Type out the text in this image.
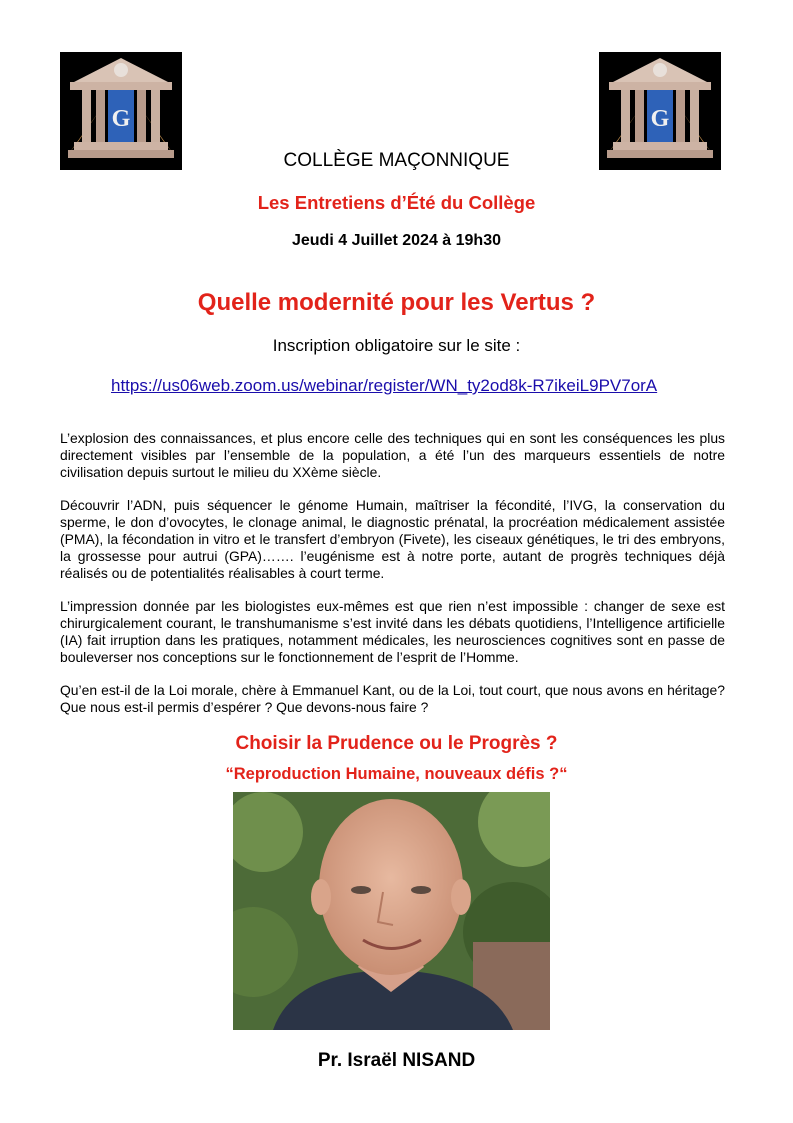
G	G
COLLÈGE MAÇONNIQUE
Les Entretiens d’Été du Collège
Jeudi 4 Juillet 2024 à 19h30
Quelle modernité pour les Vertus ?
Inscription obligatoire sur le site :
https://us06web.zoom.us/webinar/register/WN_ty2od8k-R7ikeiL9PV7orA
L’explosion des connaissances, et plus encore celle des techniques qui en sont les conséquences les plus directement visibles par l’ensemble de la population, a été l’un des marqueurs essentiels de notre civilisation depuis surtout le milieu du XXème siècle.
Découvrir l’ADN, puis séquencer le génome Humain, maîtriser la fécondité, l’IVG, la conservation du sperme, le don d’ovocytes, le clonage animal, le diagnostic prénatal, la procréation médicalement assistée (PMA), la fécondation in vitro et le transfert d’embryon (Fivete), les ciseaux génétiques, le tri des embryons, la grossesse pour autrui (GPA)……. l’eugénisme est à notre porte, autant de progrès techniques déjà réalisés ou de potentialités réalisables à court terme.
L’impression donnée par les biologistes eux-mêmes est que rien n’est impossible : changer de sexe est chirurgicalement courant, le transhumanisme s’est invité dans les débats quotidiens, l’Intelligence artificielle (IA) fait irruption dans les pratiques, notamment médicales, les neurosciences cognitives sont en passe de bouleverser nos conceptions sur le fonctionnement de l’esprit de l’Homme.
Qu’en est-il de la Loi morale, chère à Emmanuel Kant, ou de la Loi, tout court, que nous avons en héritage? Que nous est-il permis d’espérer ? Que devons-nous faire ?
Choisir la Prudence ou le Progrès ?
“Reproduction Humaine, nouveaux défis ?“
Pr. Israël NISAND
